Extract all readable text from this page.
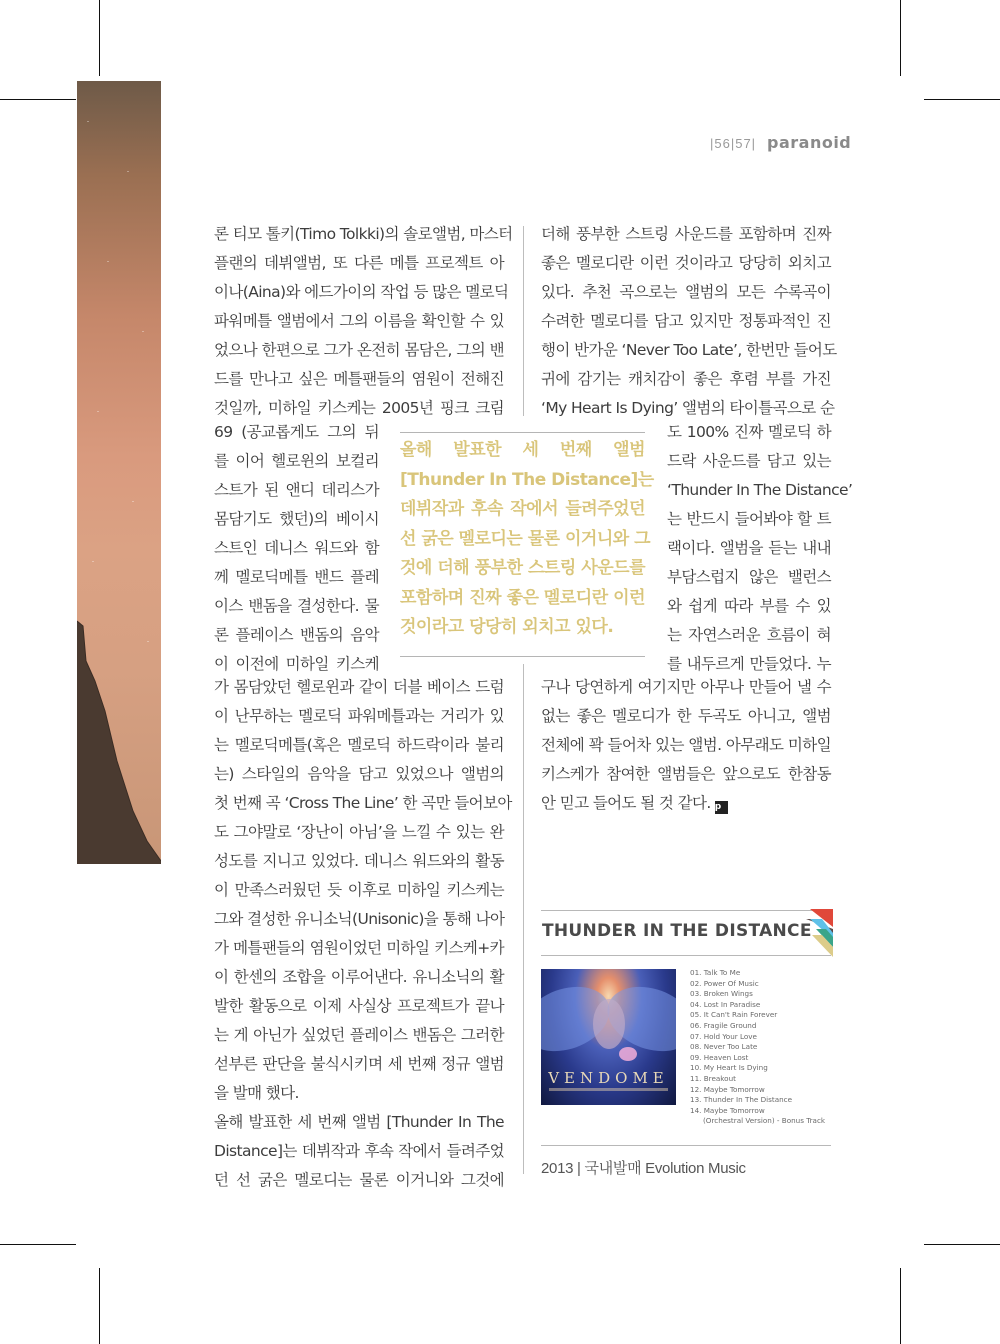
|56|57| paranoid
론 티모 톨키(Timo Tolkki)의 솔로앨범, 마스터
플랜의 데뷔앨범, 또 다른 메틀 프로젝트 아
이나(Aina)와 에드가이의 작업 등 많은 멜로딕
파워메틀 앨범에서 그의 이름을 확인할 수 있
었으나 한편으로 그가 온전히 몸담은, 그의 밴
드를 만나고 싶은 메틀팬들의 염원이 전해진
것일까, 미하일 키스케는 2005년 핑크 크림
69 (공교롭게도 그의 뒤
를 이어 헬로윈의 보컬리
스트가 된 앤디 데리스가
몸담기도 했던)의 베이시
스트인 데니스 워드와 함
께 멜로딕메틀 밴드 플레
이스 밴돔을 결성한다. 물
론 플레이스 밴돔의 음악
이 이전에 미하일 키스케
가 몸담았던 헬로윈과 같이 더블 베이스 드럼
이 난무하는 멜로딕 파워메틀과는 거리가 있
는 멜로딕메틀(혹은 멜로딕 하드락이라 불리
는) 스타일의 음악을 담고 있었으나 앨범의
첫 번째 곡 ‘Cross The Line’ 한 곡만 들어보아
도 그야말로 ‘장난이 아님’을 느낄 수 있는 완
성도를 지니고 있었다. 데니스 워드와의 활동
이 만족스러웠던 듯 이후로 미하일 키스케는
그와 결성한 유니소닉(Unisonic)을 통해 나아
가 메틀팬들의 염원이었던 미하일 키스케+카
이 한센의 조합을 이루어낸다. 유니소닉의 활
발한 활동으로 이제 사실상 프로젝트가 끝나
는 게 아닌가 싶었던 플레이스 밴돔은 그러한
섣부른 판단을 불식시키며 세 번째 정규 앨범
을 발매 했다.
올해 발표한 세 번째 앨범 [Thunder In The
Distance]는 데뷔작과 후속 작에서 들려주었
던 선 굵은 멜로디는 물론 이거니와 그것에
더해 풍부한 스트링 사운드를 포함하며 진짜
좋은 멜로디란 이런 것이라고 당당히 외치고
있다. 추천 곡으로는 앨범의 모든 수록곡이
수려한 멜로디를 담고 있지만 정통파적인 진
행이 반가운 ‘Never Too Late’, 한번만 들어도
귀에 감기는 캐치감이 좋은 후렴 부를 가진
‘My Heart Is Dying’ 앨범의 타이틀곡으로 순
도 100% 진짜 멜로딕 하
드락 사운드를 담고 있는
‘Thunder In The Distance’
는 반드시 들어봐야 할 트
랙이다. 앨범을 듣는 내내
부담스럽지 않은 밸런스
와 쉽게 따라 부를 수 있
는 자연스러운 흐름이 혀
를 내두르게 만들었다. 누
구나 당연하게 여기지만 아무나 만들어 낼 수
없는 좋은 멜로디가 한 두곡도 아니고, 앨범
전체에 꽉 들어차 있는 앨범. 아무래도 미하일
키스케가 참여한 앨범들은 앞으로도 한참동
안 믿고 들어도 될 것 같다. p
올해 발표한 세 번째 앨범
[Thunder In The Distance]는
데뷔작과 후속 작에서 들려주었던
선 굵은 멜로디는 물론 이거니와 그
것에 더해 풍부한 스트링 사운드를
포함하며 진짜 좋은 멜로디란 이런
것이라고 당당히 외치고 있다.
THUNDER IN THE DISTANCE
VENDOME
01. Talk To Me
02. Power Of Music
03. Broken Wings
04. Lost In Paradise
05. It Can't Rain Forever
06. Fragile Ground
07. Hold Your Love
08. Never Too Late
09. Heaven Lost
10. My Heart Is Dying
11. Breakout
12. Maybe Tomorrow
13. Thunder In The Distance
14. Maybe Tomorrow
(Orchestral Version) - Bonus Track
2013 | 국내발매 Evolution Music
